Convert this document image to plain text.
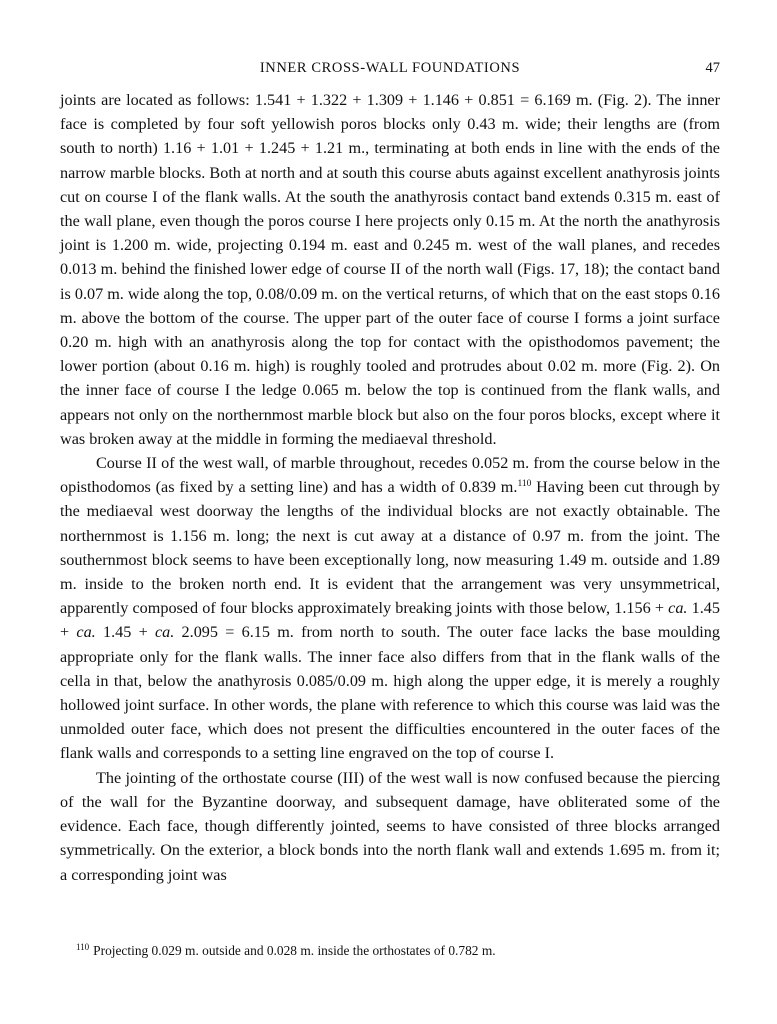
INNER CROSS-WALL FOUNDATIONS	47

joints are located as follows: 1.541 + 1.322 + 1.309 + 1.146 + 0.851 = 6.169 m. (Fig. 2). The inner face is completed by four soft yellowish poros blocks only 0.43 m. wide; their lengths are (from south to north) 1.16 + 1.01 + 1.245 + 1.21 m., terminating at both ends in line with the ends of the narrow marble blocks. Both at north and at south this course abuts against excellent anathyrosis joints cut on course I of the flank walls. At the south the anathyrosis contact band extends 0.315 m. east of the wall plane, even though the poros course I here projects only 0.15 m. At the north the anathyrosis joint is 1.200 m. wide, projecting 0.194 m. east and 0.245 m. west of the wall planes, and recedes 0.013 m. behind the finished lower edge of course II of the north wall (Figs. 17, 18); the contact band is 0.07 m. wide along the top, 0.08/0.09 m. on the vertical returns, of which that on the east stops 0.16 m. above the bottom of the course. The upper part of the outer face of course I forms a joint surface 0.20 m. high with an anathyrosis along the top for contact with the opisthodomos pavement; the lower portion (about 0.16 m. high) is roughly tooled and protrudes about 0.02 m. more (Fig. 2). On the inner face of course I the ledge 0.065 m. below the top is continued from the flank walls, and appears not only on the northernmost marble block but also on the four poros blocks, except where it was broken away at the middle in forming the mediaeval threshold.

Course II of the west wall, of marble throughout, recedes 0.052 m. from the course below in the opisthodomos (as fixed by a setting line) and has a width of 0.839 m.$^{110}$ Having been cut through by the mediaeval west doorway the lengths of the individual blocks are not exactly obtainable. The northernmost is 1.156 m. long; the next is cut away at a distance of 0.97 m. from the joint. The southernmost block seems to have been exceptionally long, now measuring 1.49 m. outside and 1.89 m. inside to the broken north end. It is evident that the arrangement was very unsymmetrical, apparently composed of four blocks approximately breaking joints with those below, 1.156 + ca. 1.45 + ca. 1.45 + ca. 2.095 = 6.15 m. from north to south. The outer face lacks the base moulding appropriate only for the flank walls. The inner face also differs from that in the flank walls of the cella in that, below the anathyrosis 0.085/0.09 m. high along the upper edge, it is merely a roughly hollowed joint surface. In other words, the plane with reference to which this course was laid was the unmolded outer face, which does not present the difficulties encountered in the outer faces of the flank walls and corresponds to a setting line engraved on the top of course I.

The jointing of the orthostate course (III) of the west wall is now confused because the piercing of the wall for the Byzantine doorway, and subsequent damage, have obliterated some of the evidence. Each face, though differently jointed, seems to have consisted of three blocks arranged symmetrically. On the exterior, a block bonds into the north flank wall and extends 1.695 m. from it; a corresponding joint was

$^{110}$ Projecting 0.029 m. outside and 0.028 m. inside the orthostates of 0.782 m.
